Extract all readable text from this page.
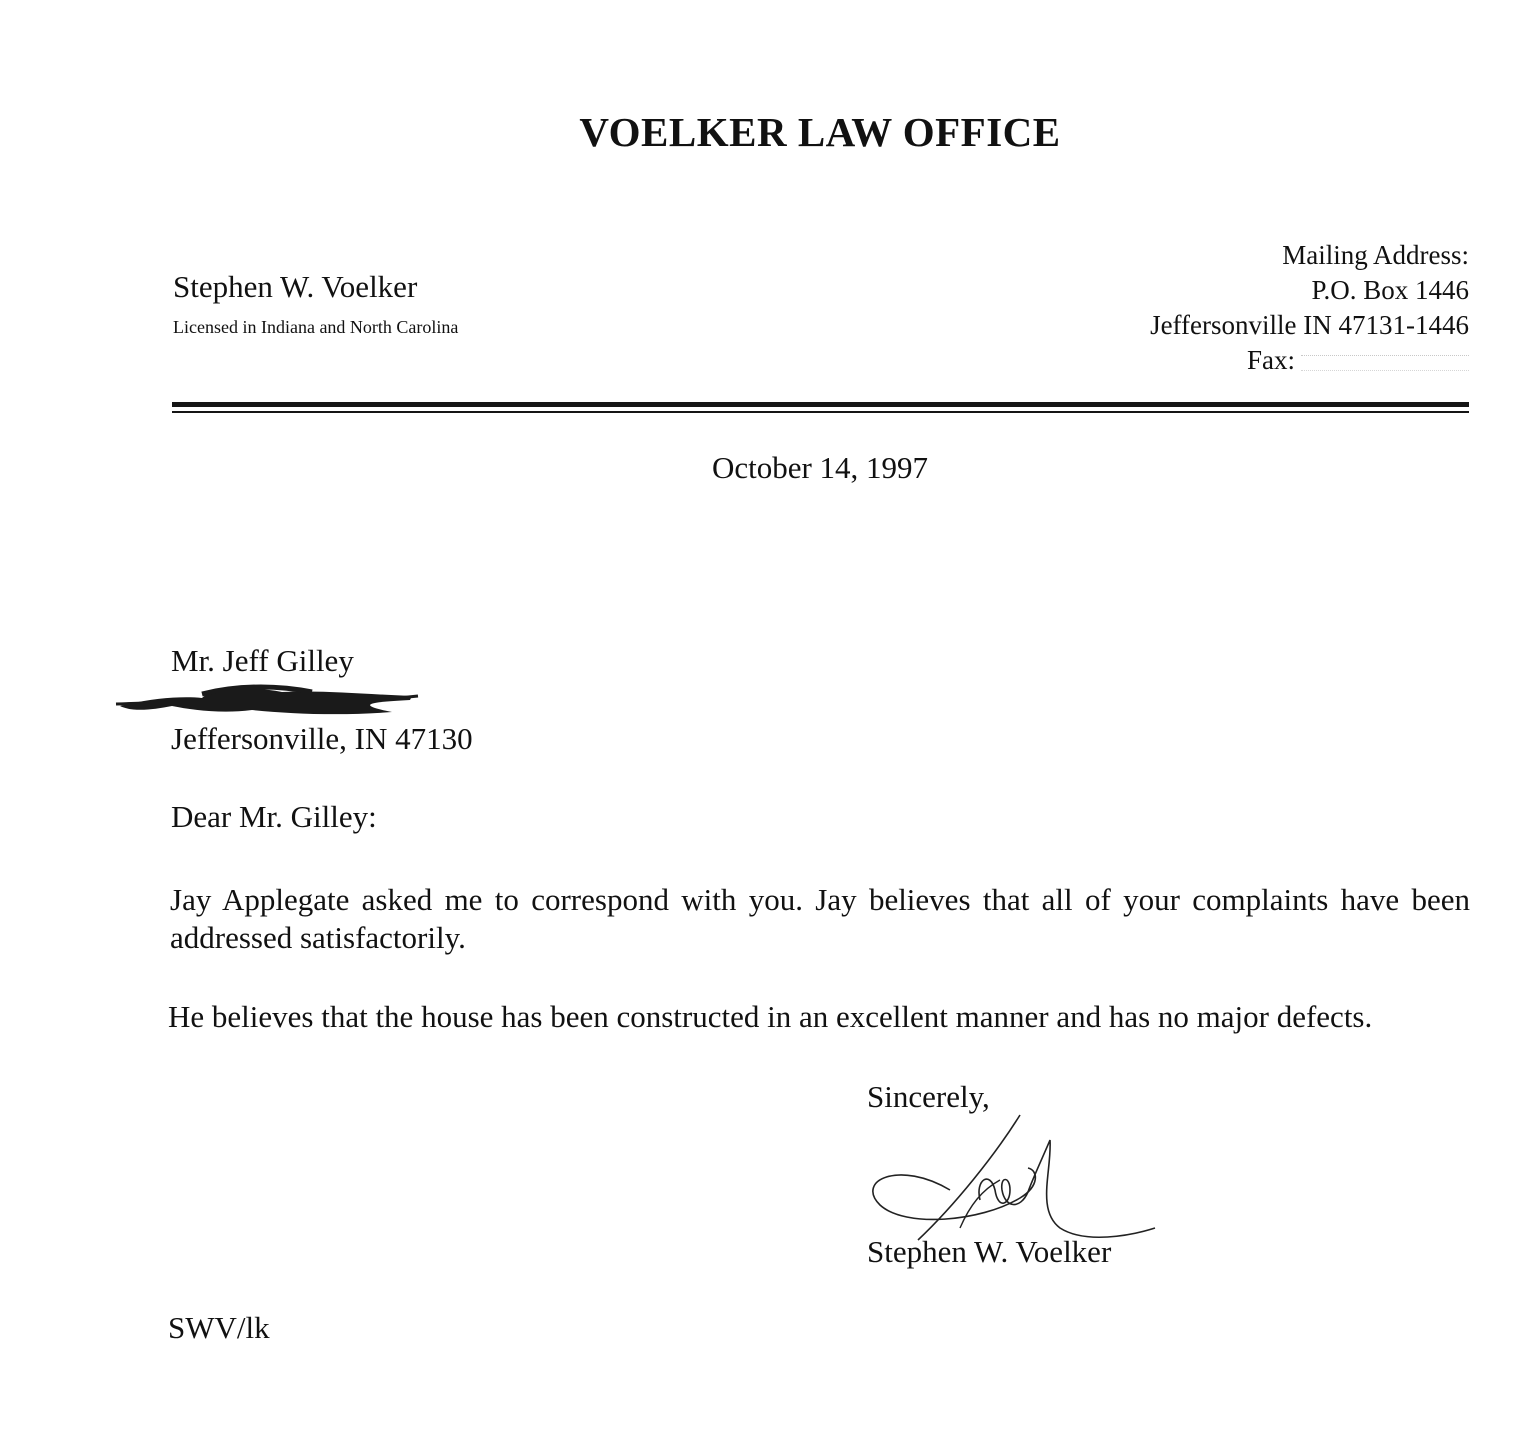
VOELKER LAW OFFICE
Stephen W. Voelker
Licensed in Indiana and North Carolina
Mailing Address:
P.O. Box 1446
Jeffersonville IN 47131-1446
Fax:
October 14, 1997
Mr. Jeff Gilley
Jeffersonville, IN 47130
Dear Mr. Gilley:
Jay Applegate asked me to correspond with you. Jay believes that all of your complaints have been addressed satisfactorily.
He believes that the house has been constructed in an excellent manner and has no major defects.
Sincerely,
Stephen W. Voelker
SWV/lk
